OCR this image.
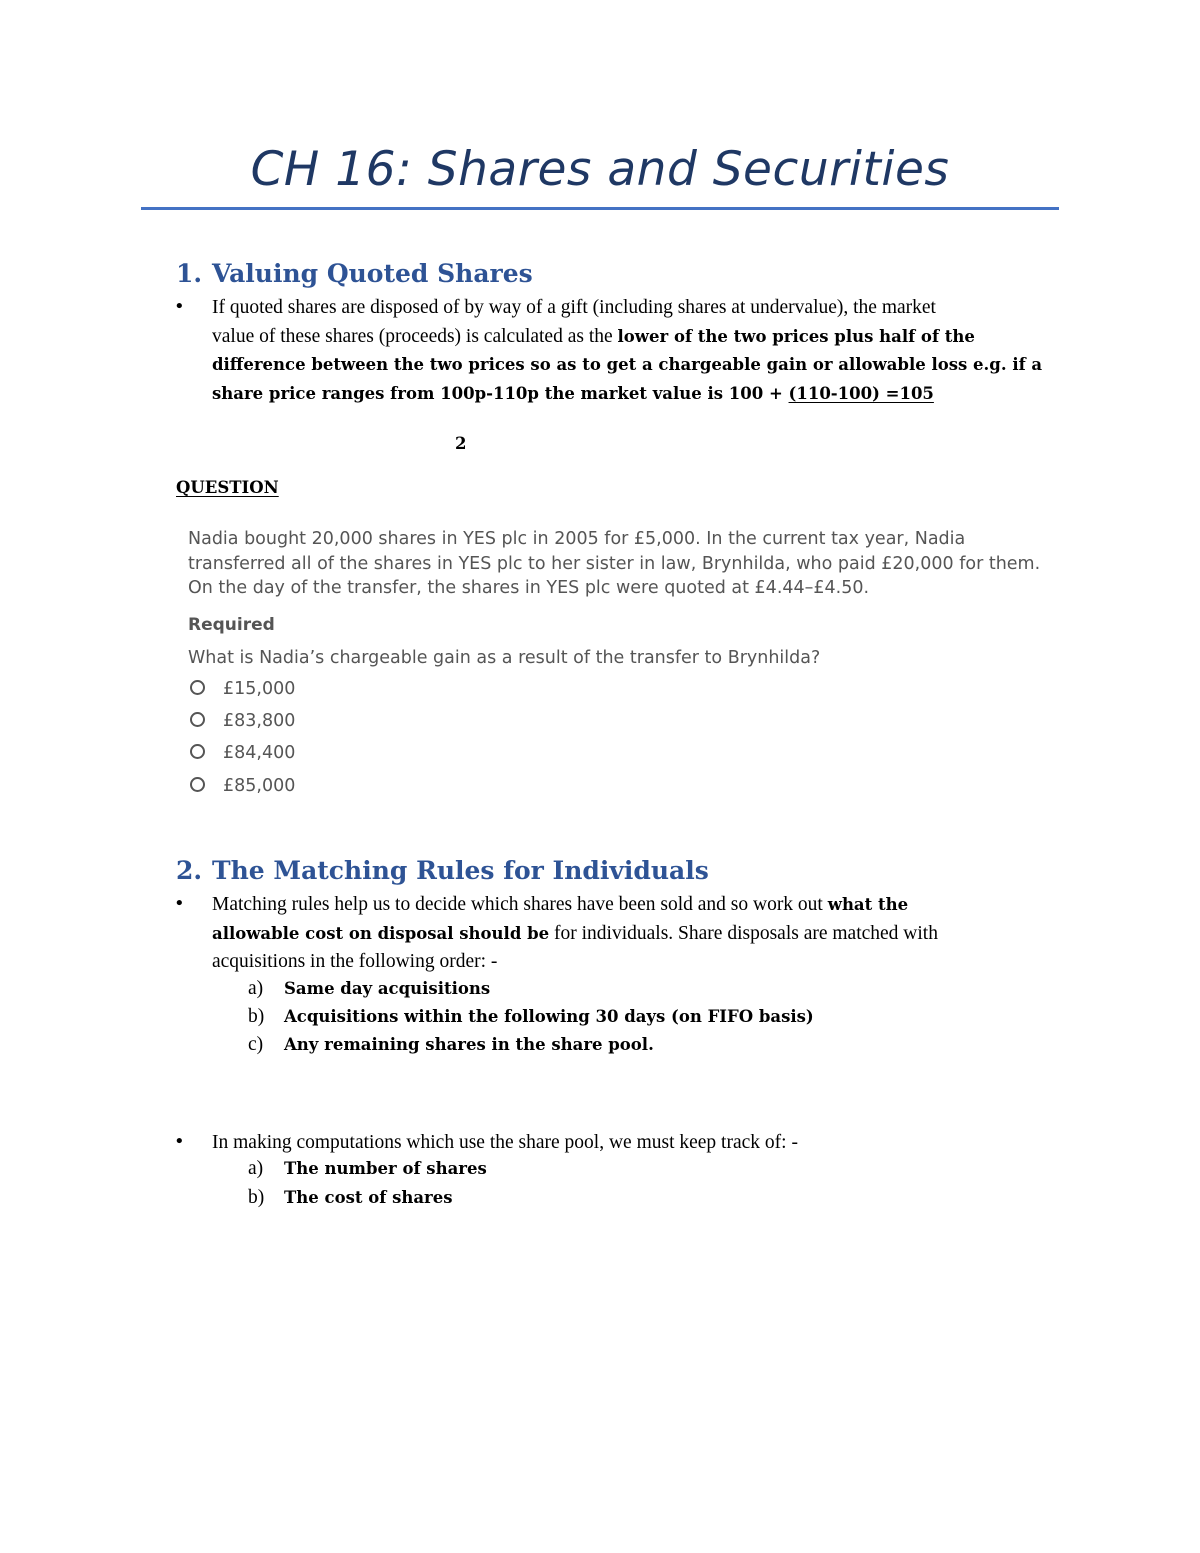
CH 16: Shares and Securities
1. Valuing Quoted Shares
• If quoted shares are disposed of by way of a gift (including shares at undervalue), the market
value of these shares (proceeds) is calculated as the lower of the two prices plus half of the
difference between the two prices so as to get a chargeable gain or allowable loss e.g. if a
share price ranges from 100p-110p the market value is 100 + (110-100) =105
2
QUESTION
Nadia bought 20,000 shares in YES plc in 2005 for £5,000. In the current tax year, Nadia
transferred all of the shares in YES plc to her sister in law, Brynhilda, who paid £20,000 for them.
On the day of the transfer, the shares in YES plc were quoted at £4.44–£4.50.
Required
What is Nadia’s chargeable gain as a result of the transfer to Brynhilda?
£15,000
£83,800
£84,400
£85,000
2. The Matching Rules for Individuals
• Matching rules help us to decide which shares have been sold and so work out what the
allowable cost on disposal should be for individuals. Share disposals are matched with
acquisitions in the following order: -
a) Same day acquisitions
b) Acquisitions within the following 30 days (on FIFO basis)
c) Any remaining shares in the share pool.
• In making computations which use the share pool, we must keep track of: -
a) The number of shares
b) The cost of shares
